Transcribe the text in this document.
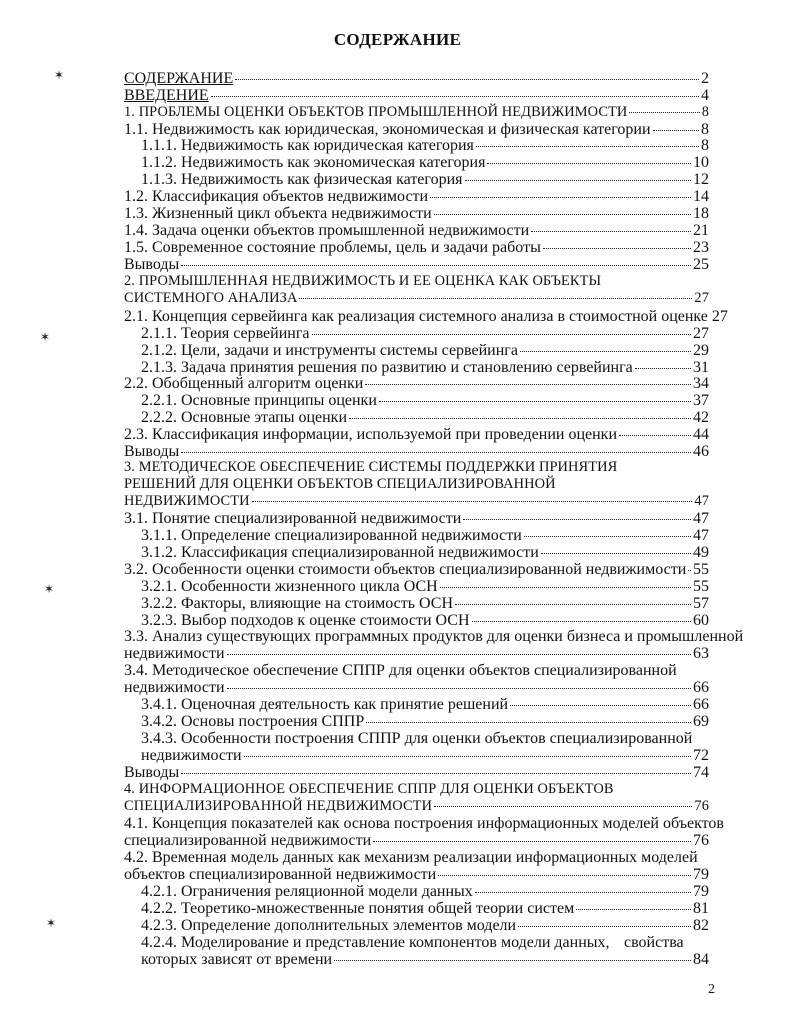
СОДЕРЖАНИЕ
✶
✶
✶
✶
СОДЕРЖАНИЕ	2
ВВЕДЕНИЕ	4
1. ПРОБЛЕМЫ ОЦЕНКИ ОБЪЕКТОВ ПРОМЫШЛЕННОЙ НЕДВИЖИМОСТИ	8
1.1. Недвижимость как юридическая, экономическая и физическая категории	8
1.1.1. Недвижимость как юридическая категория	8
1.1.2. Недвижимость как экономическая категория	10
1.1.3. Недвижимость как физическая категория	12
1.2. Классификация объектов недвижимости	14
1.3. Жизненный цикл объекта недвижимости	18
1.4. Задача оценки объектов промышленной недвижимости	21
1.5. Современное состояние проблемы, цель и задачи работы	23
Выводы	25
2. ПРОМЫШЛЕННАЯ НЕДВИЖИМОСТЬ И ЕЕ ОЦЕНКА КАК ОБЪЕКТЫ
СИСТЕМНОГО АНАЛИЗА	27
2.1. Концепция сервейинга как реализация системного анализа в стоимостной оценке 27
2.1.1. Теория сервейинга	27
2.1.2. Цели, задачи и инструменты системы сервейинга	29
2.1.3. Задача принятия решения по развитию и становлению сервейинга	31
2.2. Обобщенный алгоритм оценки	34
2.2.1. Основные принципы оценки	37
2.2.2. Основные этапы оценки	42
2.3. Классификация информации, используемой при проведении оценки	44
Выводы	46
3. МЕТОДИЧЕСКОЕ ОБЕСПЕЧЕНИЕ СИСТЕМЫ ПОДДЕРЖКИ ПРИНЯТИЯ
РЕШЕНИЙ ДЛЯ ОЦЕНКИ ОБЪЕКТОВ СПЕЦИАЛИЗИРОВАННОЙ
НЕДВИЖИМОСТИ	47
3.1. Понятие специализированной недвижимости	47
3.1.1. Определение специализированной недвижимости	47
3.1.2. Классификация специализированной недвижимости	49
3.2. Особенности оценки стоимости объектов специализированной недвижимости 55
3.2.1. Особенности жизненного цикла ОСН	55
3.2.2. Факторы, влияющие на стоимость ОСН	57
3.2.3. Выбор подходов к оценке стоимости ОСН	60
3.3. Анализ существующих программных продуктов для оценки бизнеса и промышленной
недвижимости	63
3.4. Методическое обеспечение СППР для оценки объектов специализированной
недвижимости	66
3.4.1. Оценочная деятельность как принятие решений	66
3.4.2. Основы построения СППР	69
3.4.3. Особенности построения СППР для оценки объектов специализированной
недвижимости	72
Выводы	74
4. ИНФОРМАЦИОННОЕ ОБЕСПЕЧЕНИЕ СППР ДЛЯ ОЦЕНКИ ОБЪЕКТОВ
СПЕЦИАЛИЗИРОВАННОЙ НЕДВИЖИМОСТИ	76
4.1. Концепция показателей как основа построения информационных моделей объектов
специализированной недвижимости	76
4.2. Временная модель данных как механизм реализации информационных моделей
объектов специализированной недвижимости	79
4.2.1. Ограничения реляционной модели данных	79
4.2.2. Теоретико-множественные понятия общей теории систем	81
4.2.3. Определение дополнительных элементов модели	82
4.2.4. Моделирование и представление компонентов модели данных, свойства
которых зависят от времени	84
2
